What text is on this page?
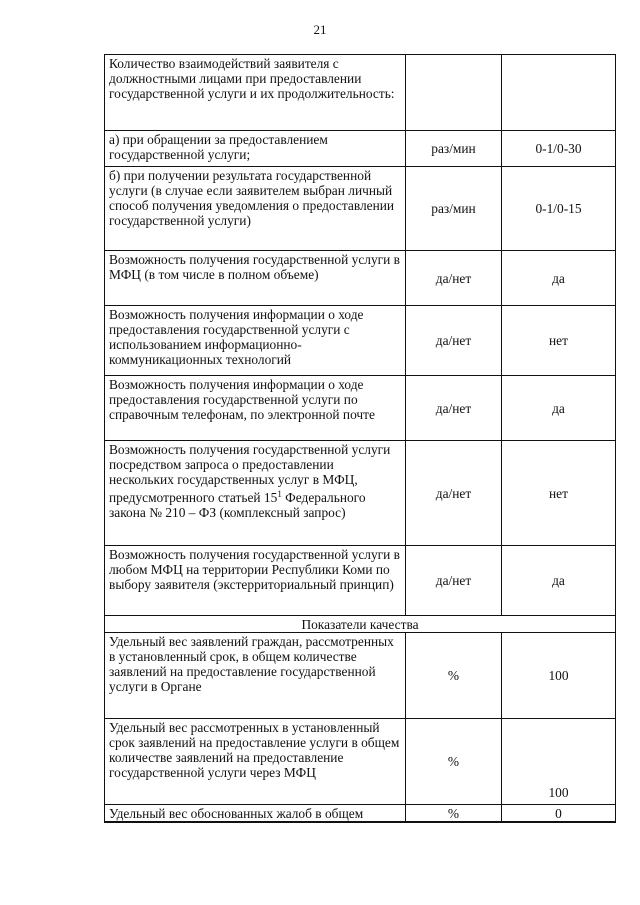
21
Количество взаимодействий заявителя с должностными лицами при предоставлении государственной услуги и их продолжительность:		
а) при обращении за предоставлением государственной услуги;	раз/мин	0-1/0-30
б) при получении результата государственной услуги (в случае если заявителем выбран личный способ получения уведомления о предоставлении государственной услуги)	раз/мин	0-1/0-15
Возможность получения государственной услуги в МФЦ (в том числе в полном объеме)	да/нет	да
Возможность получения информации о ходе предоставления государственной услуги с использованием информационно-коммуникационных технологий	да/нет	нет
Возможность получения информации о ходе предоставления государственной услуги по справочным телефонам, по электронной почте	да/нет	да
Возможность получения государственной услуги посредством запроса о предоставлении нескольких государственных услуг в МФЦ, предусмотренного статьей $15^1$ Федерального закона № 210 – ФЗ (комплексный запрос)	да/нет	нет
Возможность получения государственной услуги в любом МФЦ на территории Республики Коми по выбору заявителя (экстерриториальный принцип)	да/нет	да
Показатели качества		
Удельный вес заявлений граждан, рассмотренных в установленный срок, в общем количестве заявлений на предоставление государственной услуги в Органе	%	100
Удельный вес рассмотренных в установленный срок заявлений на предоставление услуги в общем количестве заявлений на предоставление государственной услуги через МФЦ	%	100
Удельный вес обоснованных жалоб в общем	%	0
